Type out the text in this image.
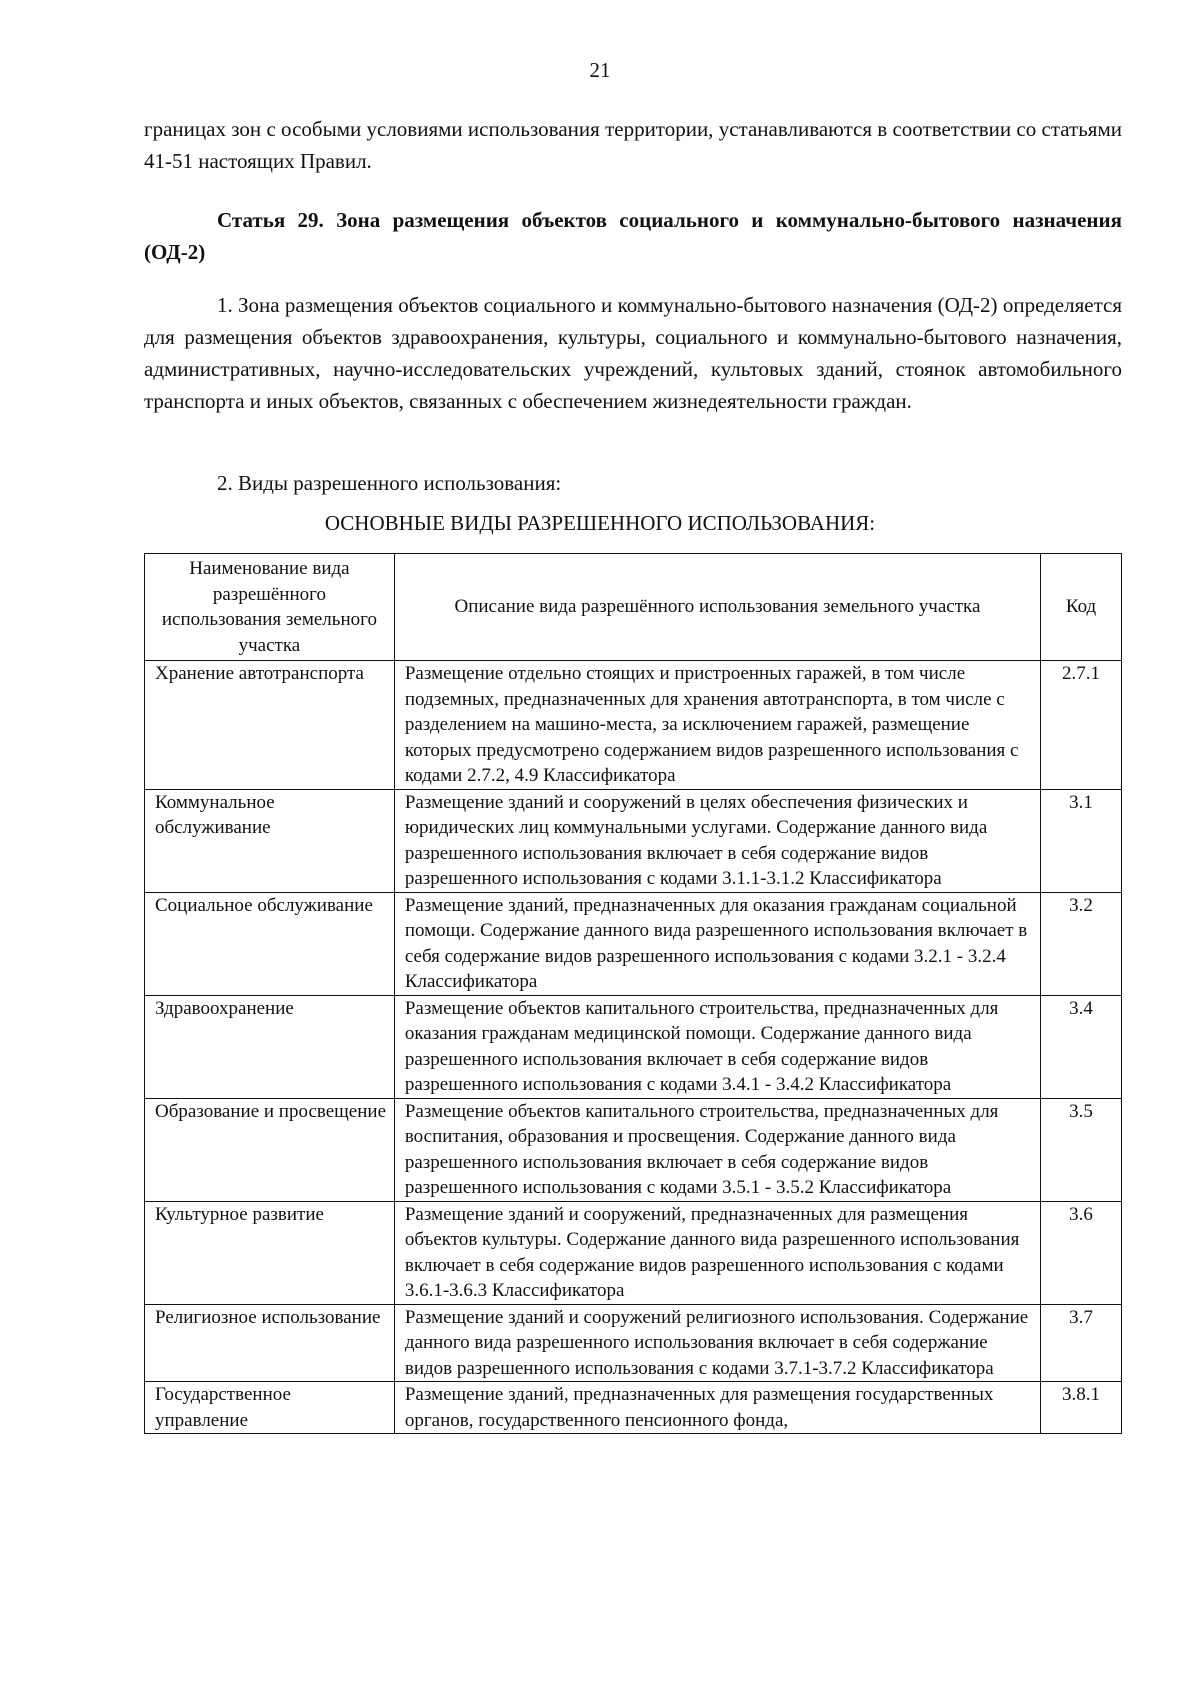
21

границах зон с особыми условиями использования территории, устанавливаются в соответствии со статьями 41-51 настоящих Правил.

Статья 29. Зона размещения объектов социального и коммунально-бытового назначения (ОД-2)

1. Зона размещения объектов социального и коммунально-бытового назначения (ОД-2) определяется для размещения объектов здравоохранения, культуры, социального и коммунально-бытового назначения, административных, научно-исследовательских учреждений, культовых зданий, стоянок автомобильного транспорта и иных объектов, связанных с обеспечением жизнедеятельности граждан.

2. Виды разрешенного использования:

ОСНОВНЫЕ ВИДЫ РАЗРЕШЕННОГО ИСПОЛЬЗОВАНИЯ:
Наименование вида разрешённого использования земельного участка	Описание вида разрешённого использования земельного участка	Код
Хранение автотранспорта	Размещение отдельно стоящих и пристроенных гаражей, в том числе подземных, предназначенных для хранения автотранспорта, в том числе с разделением на машино-места, за исключением гаражей, размещение которых предусмотрено содержанием видов разрешенного использования с кодами 2.7.2, 4.9 Классификатора	2.7.1
Коммунальное обслуживание	Размещение зданий и сооружений в целях обеспечения физических и юридических лиц коммунальными услугами. Содержание данного вида разрешенного использования включает в себя содержание видов разрешенного использования с кодами 3.1.1-3.1.2 Классификатора	3.1
Социальное обслуживание	Размещение зданий, предназначенных для оказания гражданам социальной помощи. Содержание данного вида разрешенного использования включает в себя содержание видов разрешенного использования с кодами 3.2.1 - 3.2.4 Классификатора	3.2
Здравоохранение	Размещение объектов капитального строительства, предназначенных для оказания гражданам медицинской помощи. Содержание данного вида разрешенного использования включает в себя содержание видов разрешенного использования с кодами 3.4.1 - 3.4.2 Классификатора	3.4
Образование и просвещение	Размещение объектов капитального строительства, предназначенных для воспитания, образования и просвещения. Содержание данного вида разрешенного использования включает в себя содержание видов разрешенного использования с кодами 3.5.1 - 3.5.2 Классификатора	3.5
Культурное развитие	Размещение зданий и сооружений, предназначенных для размещения объектов культуры. Содержание данного вида разрешенного использования включает в себя содержание видов разрешенного использования с кодами 3.6.1-3.6.3 Классификатора	3.6
Религиозное использование	Размещение зданий и сооружений религиозного использования. Содержание данного вида разрешенного использования включает в себя содержание видов разрешенного использования с кодами 3.7.1-3.7.2 Классификатора	3.7
Государственное управление	Размещение зданий, предназначенных для размещения государственных органов, государственного пенсионного фонда,	3.8.1
